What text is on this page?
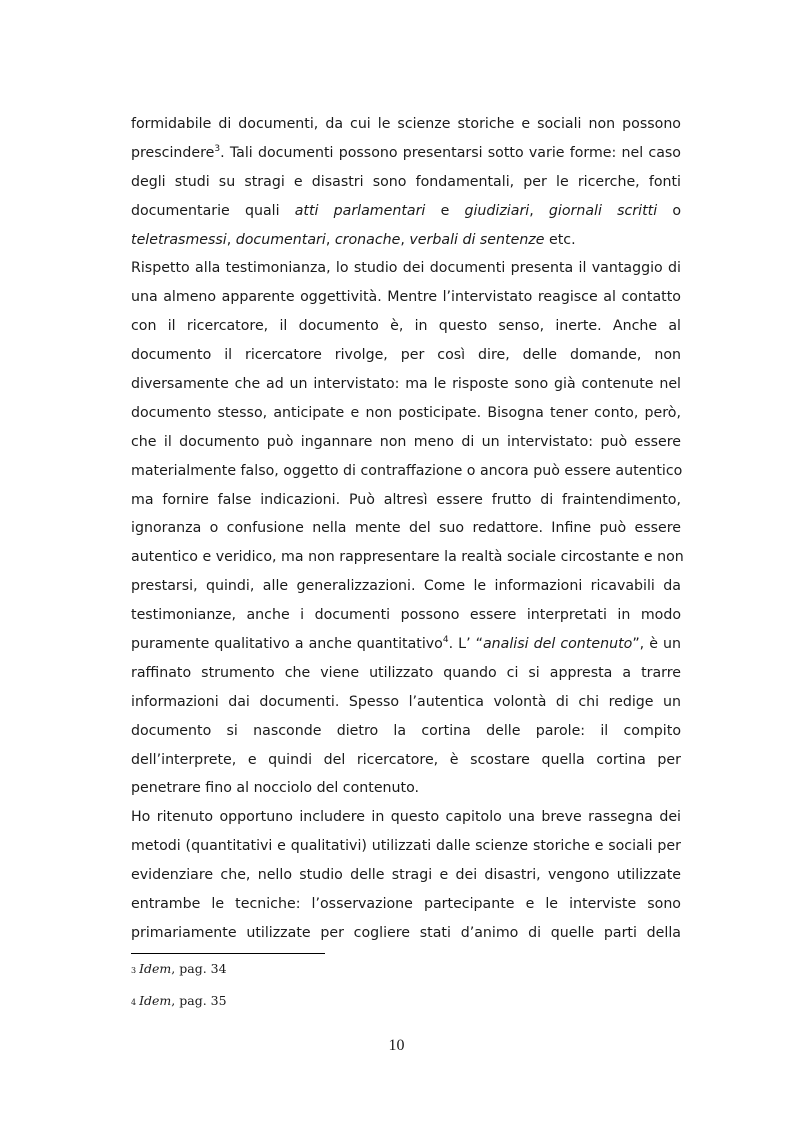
formidabile di documenti, da cui le scienze storiche e sociali non possono
prescindere$^3$. Tali documenti possono presentarsi sotto varie forme: nel caso
degli studi su stragi e disastri sono fondamentali, per le ricerche, fonti
documentarie quali atti parlamentari e giudiziari, giornali scritti o
teletrasmessi, documentari, cronache, verbali di sentenze etc.
Rispetto alla testimonianza, lo studio dei documenti presenta il vantaggio di
una almeno apparente oggettività. Mentre l’intervistato reagisce al contatto
con il ricercatore, il documento è, in questo senso, inerte. Anche al
documento il ricercatore rivolge, per così dire, delle domande, non
diversamente che ad un intervistato: ma le risposte sono già contenute nel
documento stesso, anticipate e non posticipate. Bisogna tener conto, però,
che il documento può ingannare non meno di un intervistato: può essere
materialmente falso, oggetto di contraffazione o ancora può essere autentico
ma fornire false indicazioni. Può altresì essere frutto di fraintendimento,
ignoranza o confusione nella mente del suo redattore. Infine può essere
autentico e veridico, ma non rappresentare la realtà sociale circostante e non
prestarsi, quindi, alle generalizzazioni. Come le informazioni ricavabili da
testimonianze, anche i documenti possono essere interpretati in modo
puramente qualitativo a anche quantitativo$^4$. L’ “analisi del contenuto”, è un
raffinato strumento che viene utilizzato quando ci si appresta a trarre
informazioni dai documenti. Spesso l’autentica volontà di chi redige un
documento si nasconde dietro la cortina delle parole: il compito
dell’interprete, e quindi del ricercatore, è scostare quella cortina per
penetrare fino al nocciolo del contenuto.
Ho ritenuto opportuno includere in questo capitolo una breve rassegna dei
metodi (quantitativi e qualitativi) utilizzati dalle scienze storiche e sociali per
evidenziare che, nello studio delle stragi e dei disastri, vengono utilizzate
entrambe le tecniche: l’osservazione partecipante e le interviste sono
primariamente utilizzate per cogliere stati d’animo di quelle parti della
3 Idem, pag. 34
4 Idem, pag. 35
10
